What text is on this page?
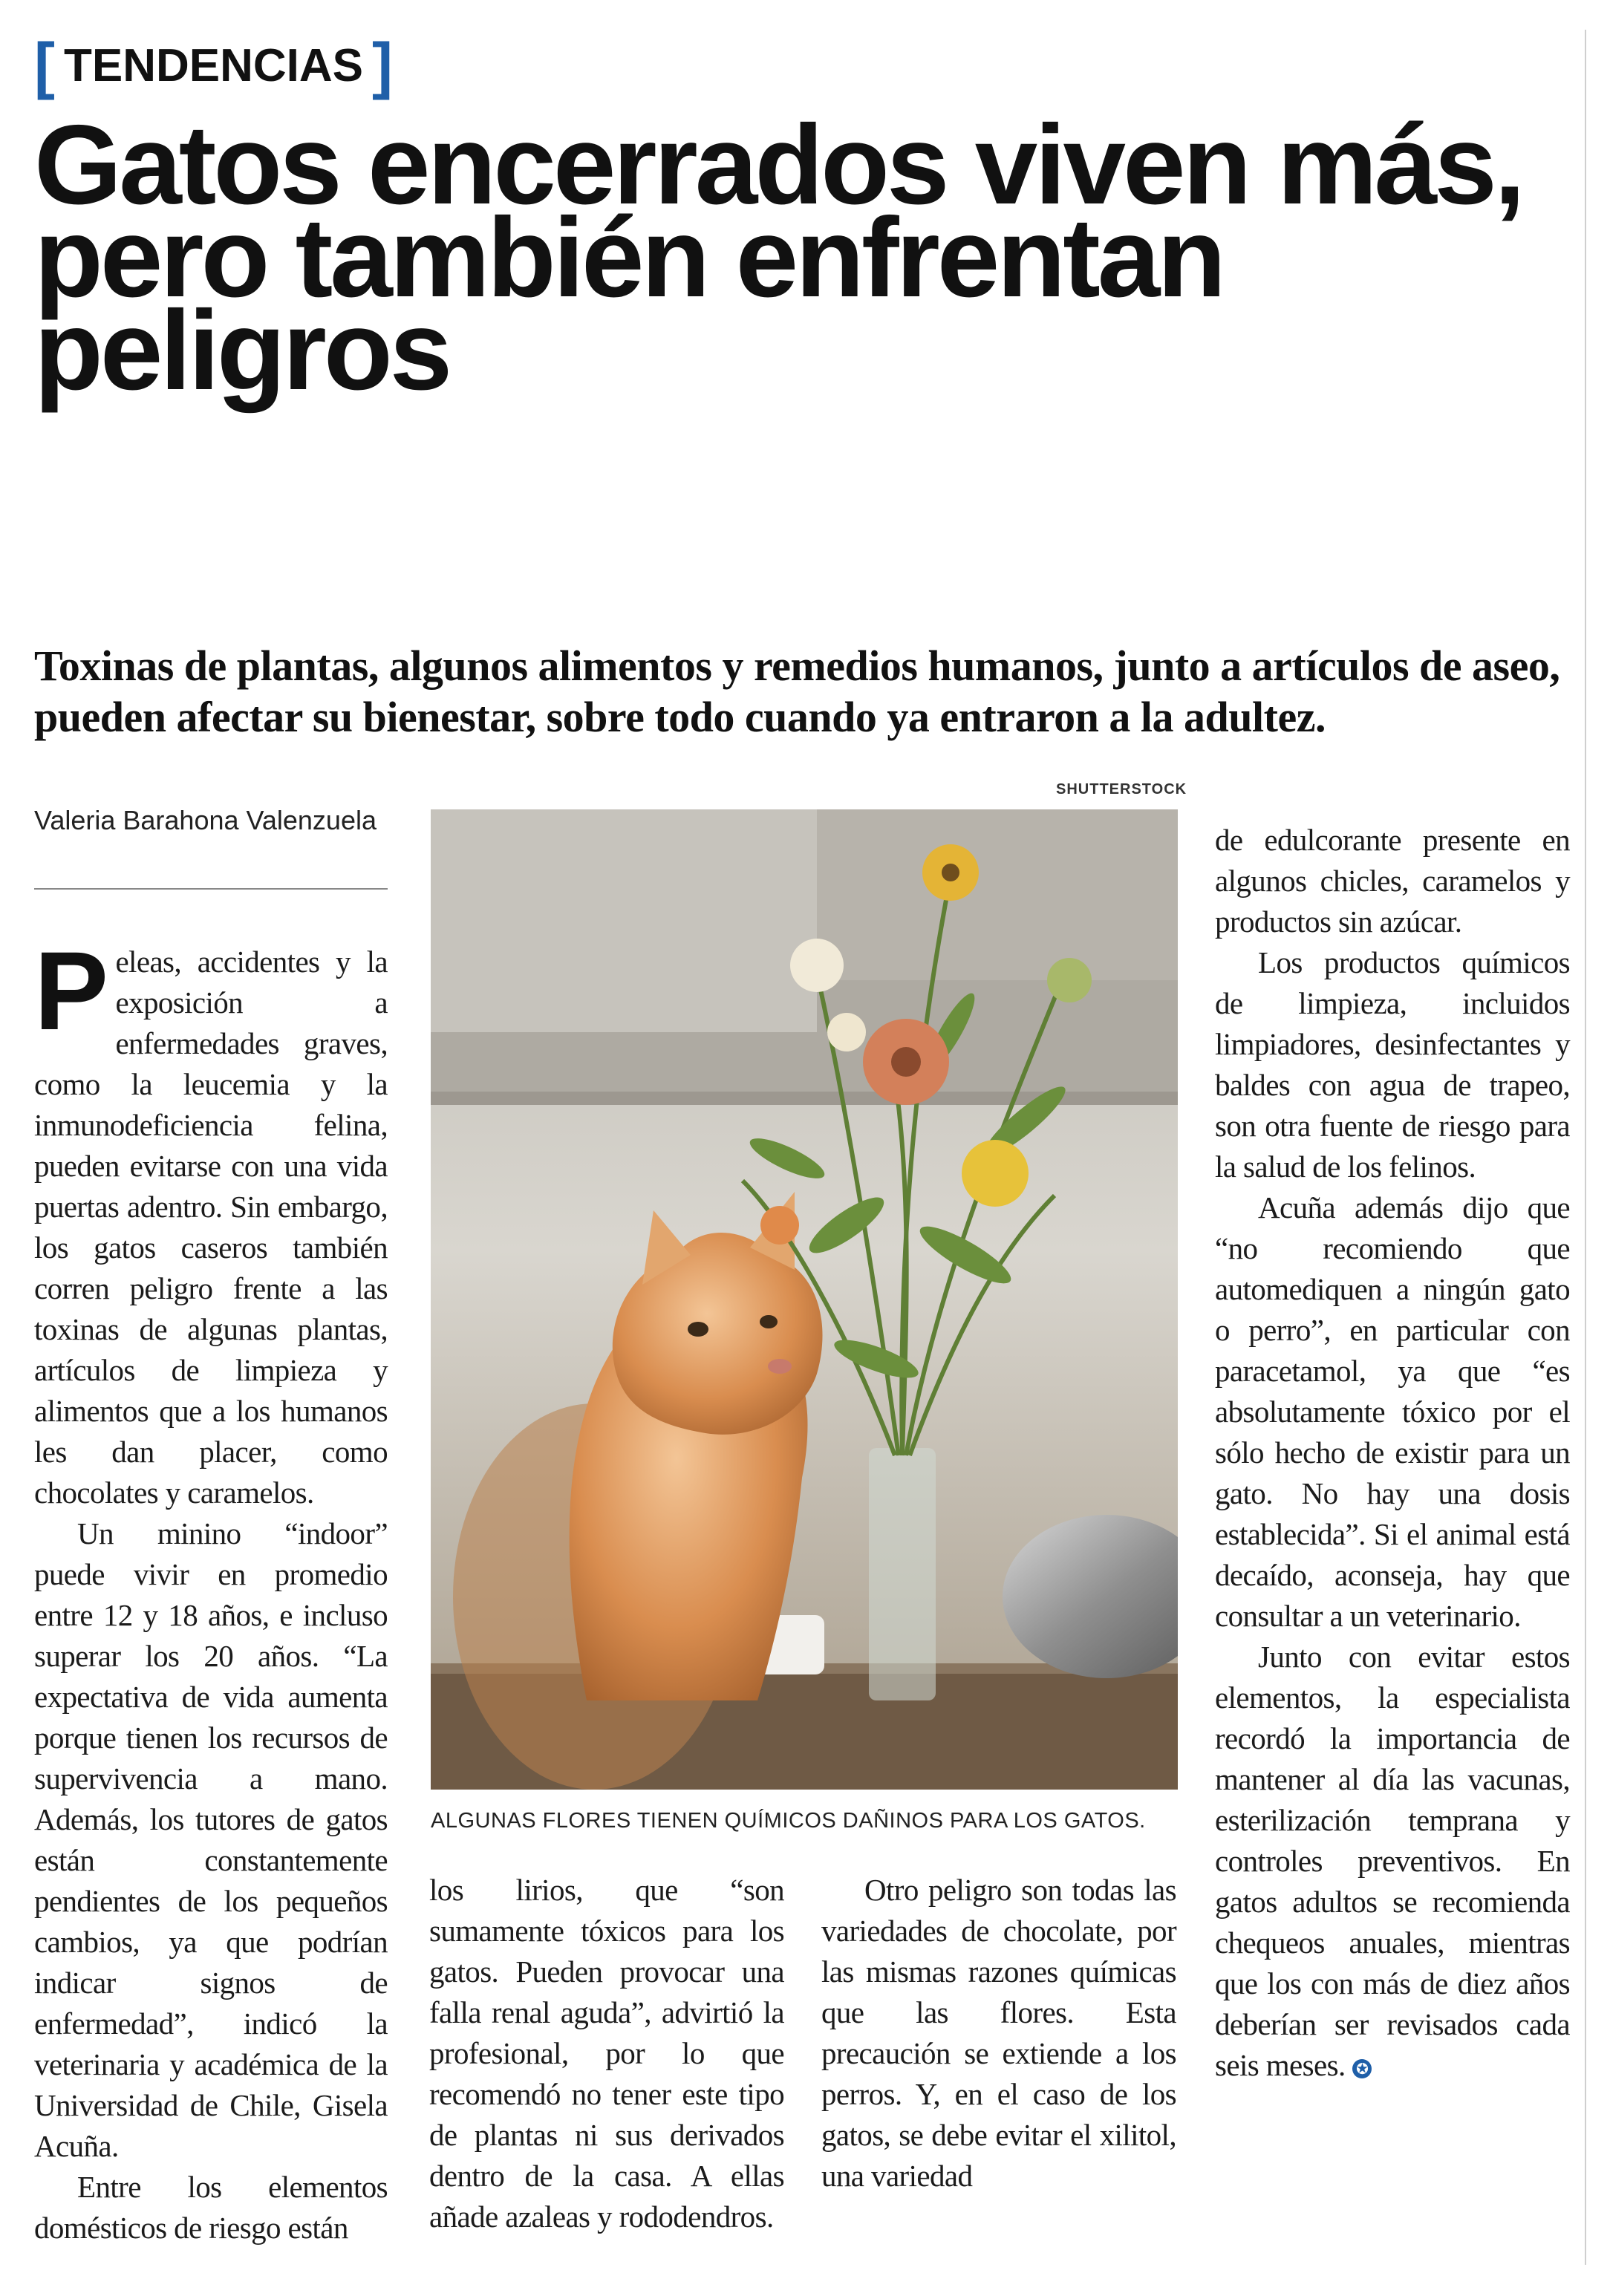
[ TENDENCIAS ]
Gatos encerrados viven más, pero también enfrentan peligros

Toxinas de plantas, algunos alimentos y remedios humanos, junto a artículos de aseo, pueden afectar su bienestar, sobre todo cuando ya entraron a la adultez.

Valeria Barahona Valenzuela
SHUTTERSTOCK
ALGUNAS FLORES TIENEN QUÍMICOS DAÑINOS PARA LOS GATOS.

Peleas, accidentes y la exposición a enfermedades graves, como la leucemia y la inmunodeficiencia felina, pueden evitarse con una vida puertas adentro. Sin embargo, los gatos caseros también corren peligro frente a las toxinas de algunas plantas, artículos de limpieza y alimentos que a los humanos les dan placer, como chocolates y caramelos.

Un minino “indoor” puede vivir en promedio entre 12 y 18 años, e incluso superar los 20 años. “La expectativa de vida aumenta porque tienen los recursos de supervivencia a mano. Además, los tutores de gatos están constantemente pendientes de los pequeños cambios, ya que podrían indicar signos de enfermedad”, indicó la veterinaria y académica de la Universidad de Chile, Gisela Acuña.

Entre los elementos domésticos de riesgo están

los lirios, que “son sumamente tóxicos para los gatos. Pueden provocar una falla renal aguda”, advirtió la profesional, por lo que recomendó no tener este tipo de plantas ni sus derivados dentro de la casa. A ellas añade azaleas y rododendros.

Otro peligro son todas las variedades de chocolate, por las mismas razones químicas que las flores. Esta precaución se extiende a los perros. Y, en el caso de los gatos, se debe evitar el xilitol, una variedad

de edulcorante presente en algunos chicles, caramelos y productos sin azúcar.

Los productos químicos de limpieza, incluidos limpiadores, desinfectantes y baldes con agua de trapeo, son otra fuente de riesgo para la salud de los felinos.

Acuña además dijo que “no recomiendo que automediquen a ningún gato o perro”, en particular con paracetamol, ya que “es absolutamente tóxico por el sólo hecho de existir para un gato. No hay una dosis establecida”. Si el animal está decaído, aconseja, hay que consultar a un veterinario.

Junto con evitar estos elementos, la especialista recordó la importancia de mantener al día las vacunas, esterilización temprana y controles preventivos. En gatos adultos se recomienda chequeos anuales, mientras que los con más de diez años deberían ser revisados cada seis meses. ✪
